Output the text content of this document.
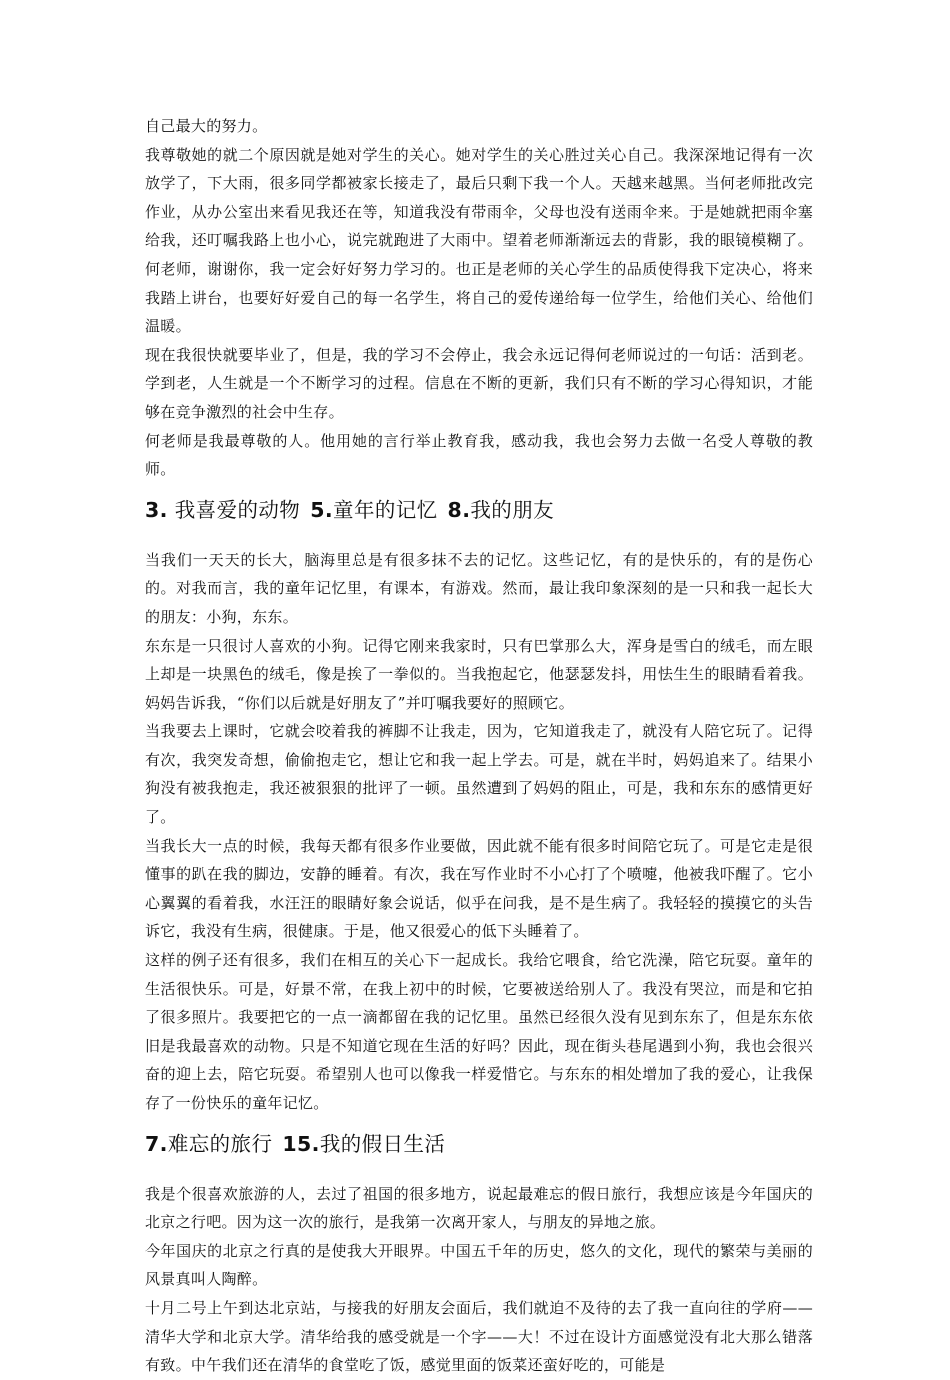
自己最大的努力。

我尊敬她的就二个原因就是她对学生的关心。她对学生的关心胜过关心自己。我深深地记得有一次放学了，下大雨，很多同学都被家长接走了，最后只剩下我一个人。天越来越黑。当何老师批改完作业，从办公室出来看见我还在等，知道我没有带雨伞，父母也没有送雨伞来。于是她就把雨伞塞给我，还叮嘱我路上也小心，说完就跑进了大雨中。望着老师渐渐远去的背影，我的眼镜模糊了。何老师，谢谢你，我一定会好好努力学习的。也正是老师的关心学生的品质使得我下定决心，将来我踏上讲台，也要好好爱自己的每一名学生，将自己的爱传递给每一位学生，给他们关心、给他们温暖。

现在我很快就要毕业了，但是，我的学习不会停止，我会永远记得何老师说过的一句话：活到老。学到老，人生就是一个不断学习的过程。信息在不断的更新，我们只有不断的学习心得知识，才能够在竞争激烈的社会中生存。

何老师是我最尊敬的人。他用她的言行举止教育我，感动我，我也会努力去做一名受人尊敬的教师。

3. 我喜爱的动物 5.童年的记忆 8.我的朋友

当我们一天天的长大，脑海里总是有很多抹不去的记忆。这些记忆，有的是快乐的，有的是伤心的。对我而言，我的童年记忆里，有课本，有游戏。然而，最让我印象深刻的是一只和我一起长大的朋友：小狗，东东。

东东是一只很讨人喜欢的小狗。记得它刚来我家时，只有巴掌那么大，浑身是雪白的绒毛，而左眼上却是一块黑色的绒毛，像是挨了一拳似的。当我抱起它，他瑟瑟发抖，用怯生生的眼睛看着我。妈妈告诉我，“你们以后就是好朋友了”并叮嘱我要好的照顾它。

当我要去上课时，它就会咬着我的裤脚不让我走，因为，它知道我走了，就没有人陪它玩了。记得有次，我突发奇想，偷偷抱走它，想让它和我一起上学去。可是，就在半时，妈妈追来了。结果小狗没有被我抱走，我还被狠狠的批评了一顿。虽然遭到了妈妈的阻止，可是，我和东东的感情更好了。

当我长大一点的时候，我每天都有很多作业要做，因此就不能有很多时间陪它玩了。可是它走是很懂事的趴在我的脚边，安静的睡着。有次，我在写作业时不小心打了个喷嚏，他被我吓醒了。它小心翼翼的看着我，水汪汪的眼睛好象会说话，似乎在问我，是不是生病了。我轻轻的摸摸它的头告诉它，我没有生病，很健康。于是，他又很爱心的低下头睡着了。

这样的例子还有很多，我们在相互的关心下一起成长。我给它喂食，给它洗澡，陪它玩耍。童年的生活很快乐。可是，好景不常，在我上初中的时候，它要被送给别人了。我没有哭泣，而是和它拍了很多照片。我要把它的一点一滴都留在我的记忆里。虽然已经很久没有见到东东了，但是东东依旧是我最喜欢的动物。只是不知道它现在生活的好吗？因此，现在街头巷尾遇到小狗，我也会很兴奋的迎上去，陪它玩耍。希望别人也可以像我一样爱惜它。与东东的相处增加了我的爱心，让我保存了一份快乐的童年记忆。

7.难忘的旅行 15.我的假日生活

我是个很喜欢旅游的人，去过了祖国的很多地方，说起最难忘的假日旅行，我想应该是今年国庆的北京之行吧。因为这一次的旅行，是我第一次离开家人，与朋友的异地之旅。

今年国庆的北京之行真的是使我大开眼界。中国五千年的历史，悠久的文化，现代的繁荣与美丽的风景真叫人陶醉。

十月二号上午到达北京站，与接我的好朋友会面后，我们就迫不及待的去了我一直向往的学府——清华大学和北京大学。清华给我的感受就是一个字——大！不过在设计方面感觉没有北大那么错落有致。中午我们还在清华的食堂吃了饭，感觉里面的饭菜还蛮好吃的，可能是
